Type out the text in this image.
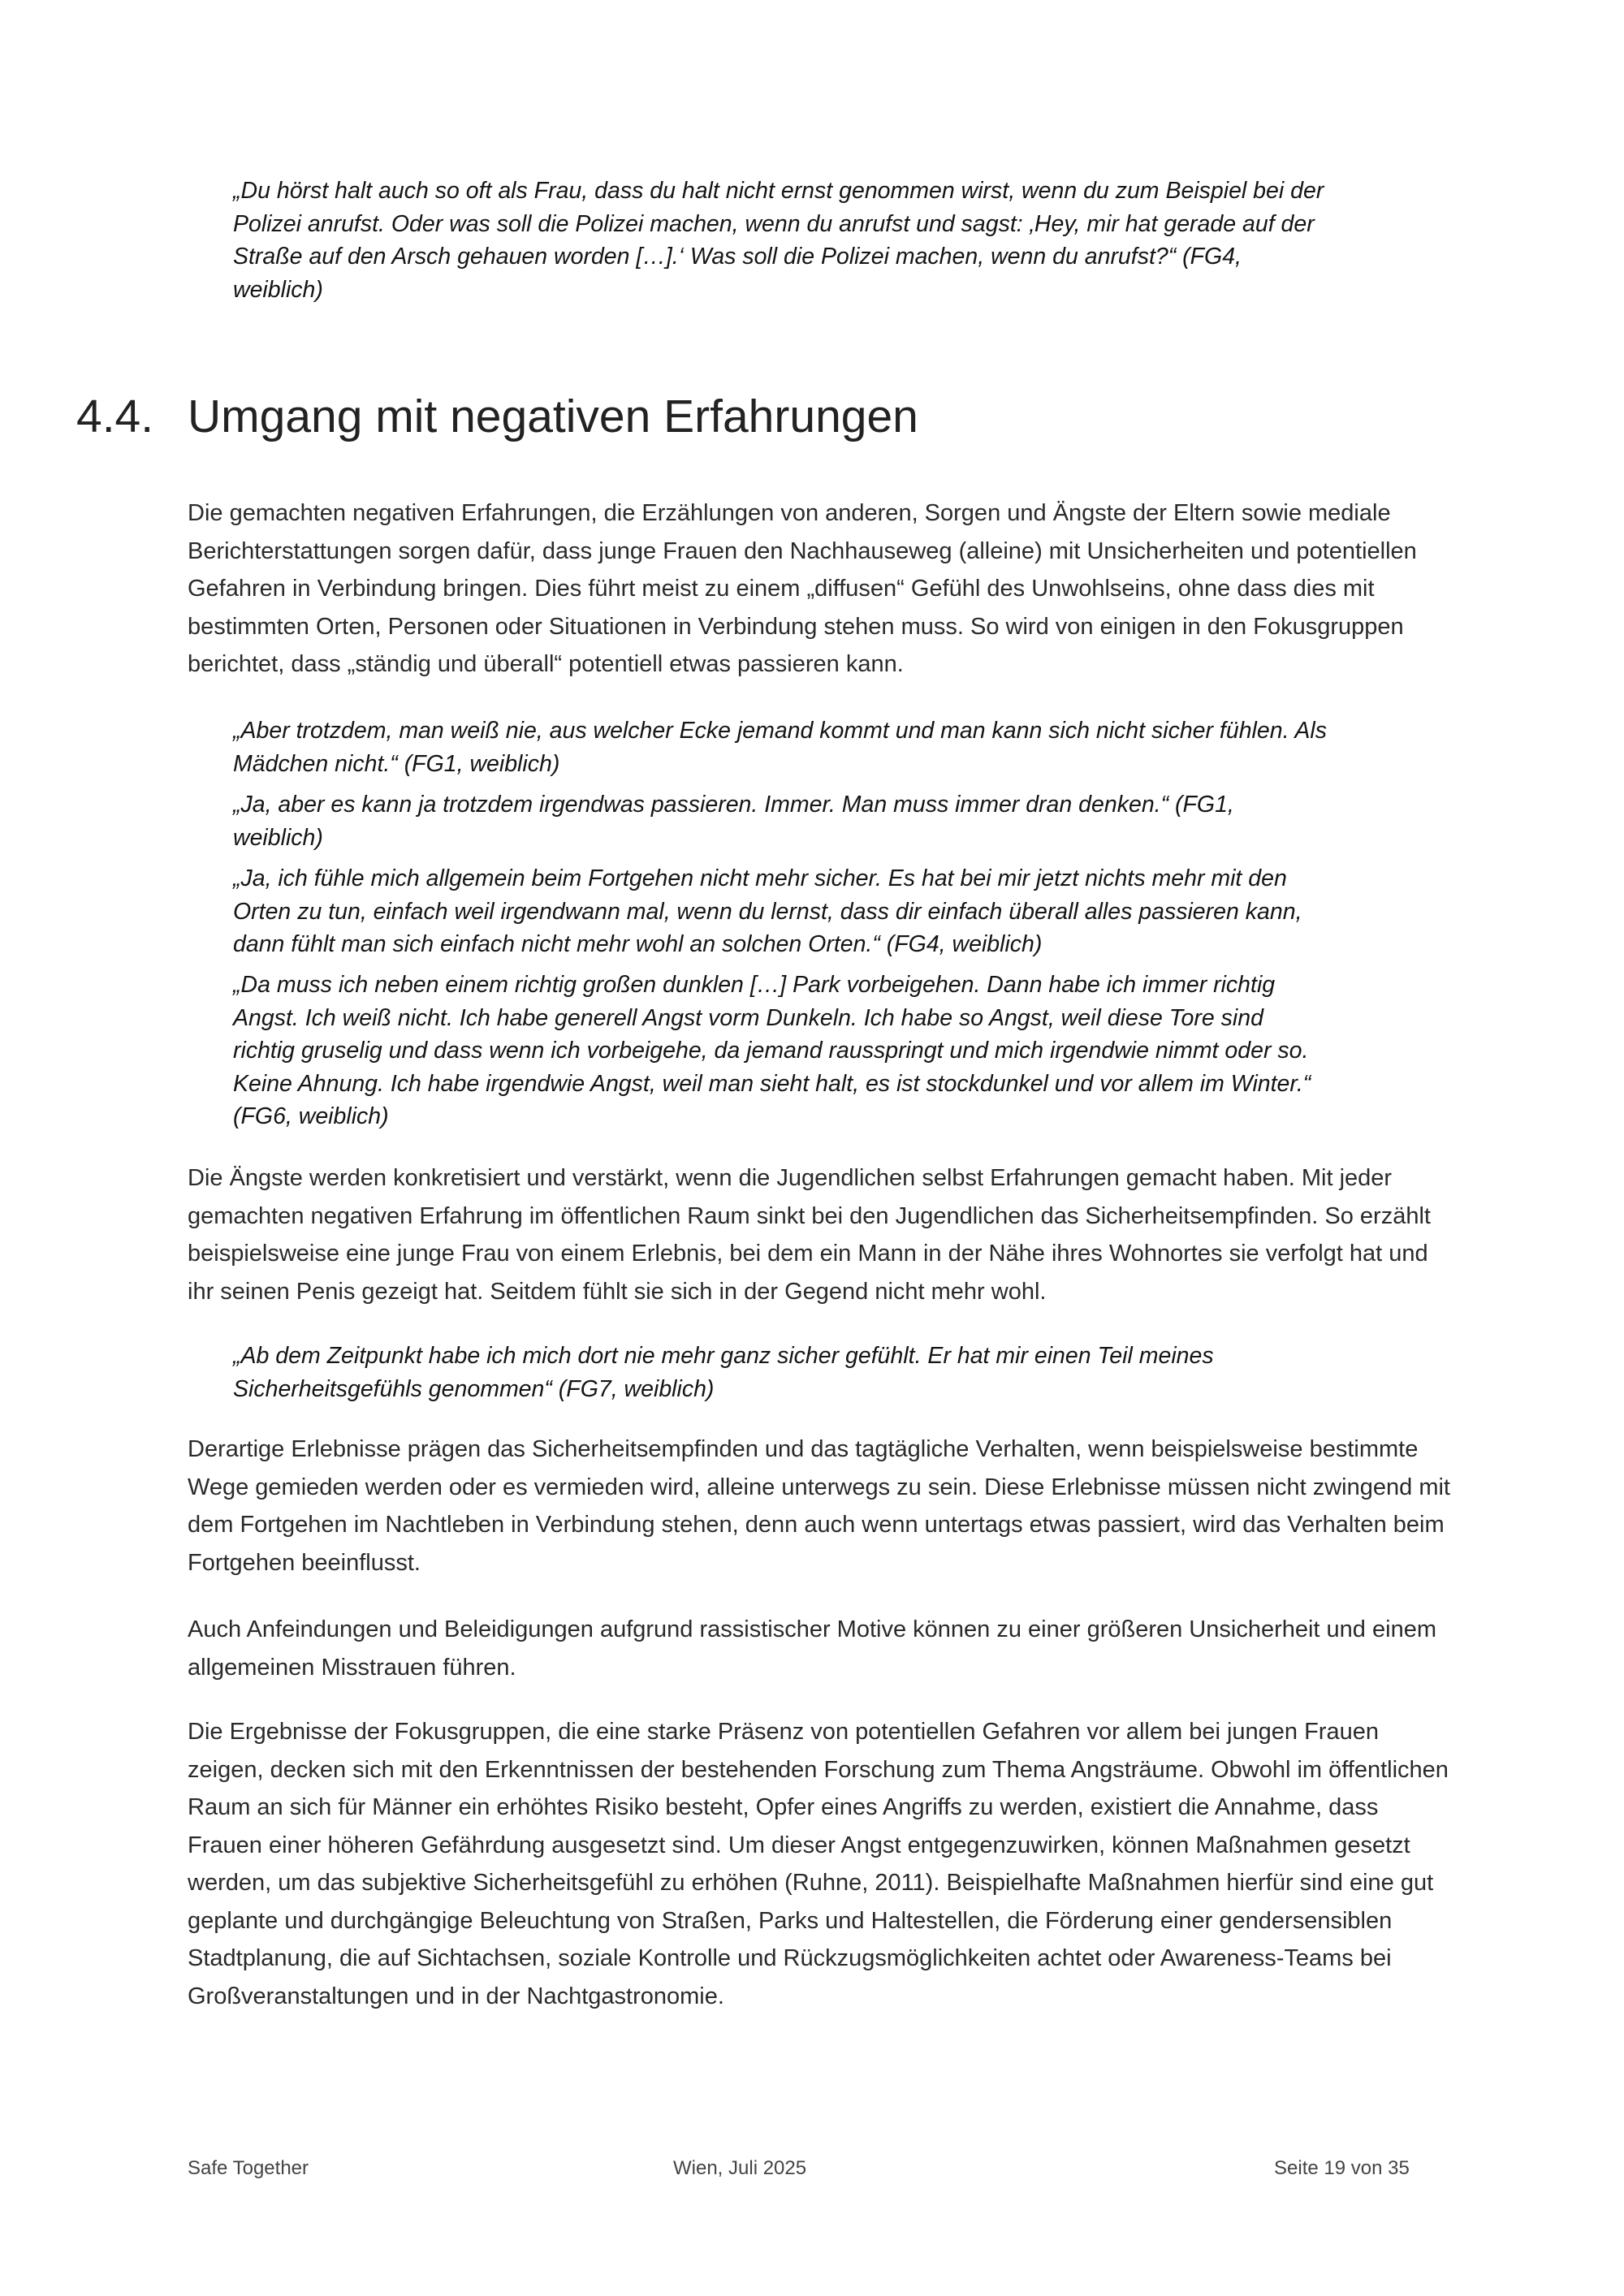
„Du hörst halt auch so oft als Frau, dass du halt nicht ernst genommen wirst, wenn du zum Beispiel bei der Polizei anrufst. Oder was soll die Polizei machen, wenn du anrufst und sagst: ‚Hey, mir hat gerade auf der Straße auf den Arsch gehauen worden […].‘ Was soll die Polizei machen, wenn du anrufst?“ (FG4, weiblich)

4.4. Umgang mit negativen Erfahrungen

Die gemachten negativen Erfahrungen, die Erzählungen von anderen, Sorgen und Ängste der Eltern sowie mediale Berichterstattungen sorgen dafür, dass junge Frauen den Nachhauseweg (alleine) mit Unsicherheiten und potentiellen Gefahren in Verbindung bringen. Dies führt meist zu einem „diffusen“ Gefühl des Unwohlseins, ohne dass dies mit bestimmten Orten, Personen oder Situationen in Verbindung stehen muss. So wird von einigen in den Fokusgruppen berichtet, dass „ständig und überall“ potentiell etwas passieren kann.

„Aber trotzdem, man weiß nie, aus welcher Ecke jemand kommt und man kann sich nicht sicher fühlen. Als Mädchen nicht.“ (FG1, weiblich)

„Ja, aber es kann ja trotzdem irgendwas passieren. Immer. Man muss immer dran denken.“ (FG1, weiblich)

„Ja, ich fühle mich allgemein beim Fortgehen nicht mehr sicher. Es hat bei mir jetzt nichts mehr mit den Orten zu tun, einfach weil irgendwann mal, wenn du lernst, dass dir einfach überall alles passieren kann, dann fühlt man sich einfach nicht mehr wohl an solchen Orten.“ (FG4, weiblich)

„Da muss ich neben einem richtig großen dunklen […] Park vorbeigehen. Dann habe ich immer richtig Angst. Ich weiß nicht. Ich habe generell Angst vorm Dunkeln. Ich habe so Angst, weil diese Tore sind richtig gruselig und dass wenn ich vorbeigehe, da jemand rausspringt und mich irgendwie nimmt oder so. Keine Ahnung. Ich habe irgendwie Angst, weil man sieht halt, es ist stockdunkel und vor allem im Winter.“ (FG6, weiblich)

Die Ängste werden konkretisiert und verstärkt, wenn die Jugendlichen selbst Erfahrungen gemacht haben. Mit jeder gemachten negativen Erfahrung im öffentlichen Raum sinkt bei den Jugendlichen das Sicherheitsempfinden. So erzählt beispielsweise eine junge Frau von einem Erlebnis, bei dem ein Mann in der Nähe ihres Wohnortes sie verfolgt hat und ihr seinen Penis gezeigt hat. Seitdem fühlt sie sich in der Gegend nicht mehr wohl.

„Ab dem Zeitpunkt habe ich mich dort nie mehr ganz sicher gefühlt. Er hat mir einen Teil meines Sicherheitsgefühls genommen“ (FG7, weiblich)

Derartige Erlebnisse prägen das Sicherheitsempfinden und das tagtägliche Verhalten, wenn beispielsweise bestimmte Wege gemieden werden oder es vermieden wird, alleine unterwegs zu sein. Diese Erlebnisse müssen nicht zwingend mit dem Fortgehen im Nachtleben in Verbindung stehen, denn auch wenn untertags etwas passiert, wird das Verhalten beim Fortgehen beeinflusst.

Auch Anfeindungen und Beleidigungen aufgrund rassistischer Motive können zu einer größeren Unsicherheit und einem allgemeinen Misstrauen führen.

Die Ergebnisse der Fokusgruppen, die eine starke Präsenz von potentiellen Gefahren vor allem bei jungen Frauen zeigen, decken sich mit den Erkenntnissen der bestehenden Forschung zum Thema Angsträume. Obwohl im öffentlichen Raum an sich für Männer ein erhöhtes Risiko besteht, Opfer eines Angriffs zu werden, existiert die Annahme, dass Frauen einer höheren Gefährdung ausgesetzt sind. Um dieser Angst entgegenzuwirken, können Maßnahmen gesetzt werden, um das subjektive Sicherheitsgefühl zu erhöhen (Ruhne, 2011). Beispielhafte Maßnahmen hierfür sind eine gut geplante und durchgängige Beleuchtung von Straßen, Parks und Haltestellen, die Förderung einer gendersensiblen Stadtplanung, die auf Sichtachsen, soziale Kontrolle und Rückzugsmöglichkeiten achtet oder Awareness-Teams bei Großveranstaltungen und in der Nachtgastronomie.

Safe Together	Wien, Juli 2025	Seite 19 von 35
